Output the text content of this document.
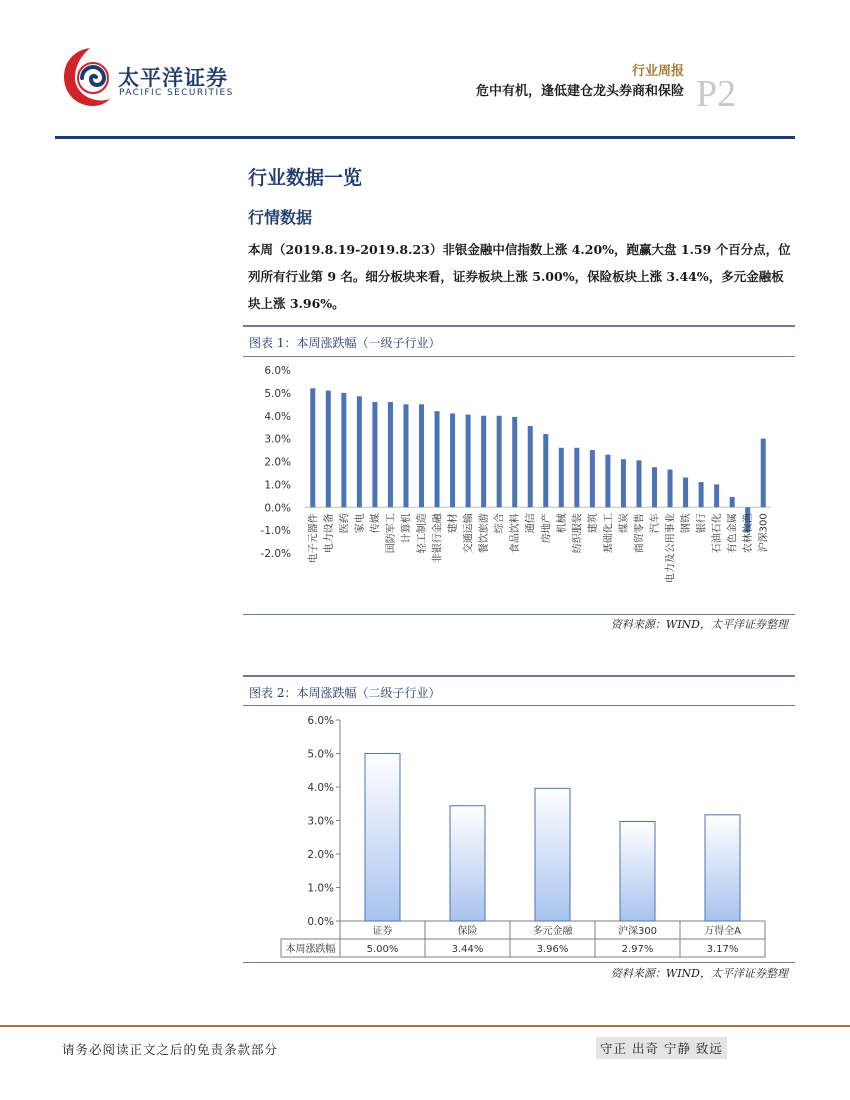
太平洋证券
PACIFIC SECURITIES
行业周报
危中有机，逢低建仓龙头券商和保险 P2
行业数据一览
行情数据
本周（2019.8.19-2019.8.23）非银金融中信指数上涨 4.20%，跑赢大盘 1.59 个百分点，位列所有行业第 9 名。细分板块来看，证券板块上涨 5.00%，保险板块上涨 3.44%，多元金融板块上涨 3.96%。
图表 1：本周涨跌幅（一级子行业）
6.0%
5.0%
4.0%
3.0%
2.0%
1.0%
0.0%
-1.0%
-2.0% 电子元器件 电力设备 医药 家电 传媒 国防军工 计算机 轻工制造 非银行金融 建材 交通运输 餐饮旅游 综合 食品饮料 通信 房地产 机械 纺织服装 建筑 基础化工 煤炭 商贸零售 汽车 电力及公用事业 钢铁 银行 石油石化 有色金属 农林牧渔 沪深300
资料来源：WIND，太平洋证券整理
图表 2：本周涨跌幅（二级子行业）
6.0%
5.0%
4.0%
3.0%
2.0%
1.0%
0.0%
本周涨跌幅
证券
5.00%
保险
3.44%
多元金融
3.96%
沪深300
2.97%
万得全A
3.17%
资料来源：WIND，太平洋证券整理
请务必阅读正文之后的免责条款部分	守正 出奇 宁静 致远
